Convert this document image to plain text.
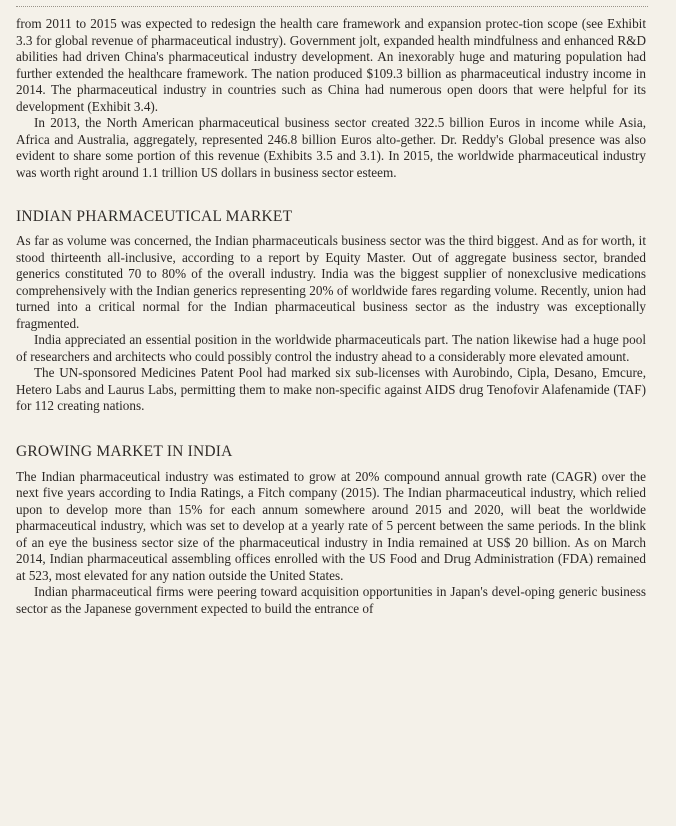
from 2011 to 2015 was expected to redesign the health care framework and expansion protec-tion scope (see Exhibit 3.3 for global revenue of pharmaceutical industry). Government jolt, expanded health mindfulness and enhanced R&D abilities had driven China's pharmaceutical industry development. An inexorably huge and maturing population had further extended the healthcare framework. The nation produced $109.3 billion as pharmaceutical industry income in 2014. The pharmaceutical industry in countries such as China had numerous open doors that were helpful for its development (Exhibit 3.4).

In 2013, the North American pharmaceutical business sector created 322.5 billion Euros in income while Asia, Africa and Australia, aggregately, represented 246.8 billion Euros alto-gether. Dr. Reddy's Global presence was also evident to share some portion of this revenue (Exhibits 3.5 and 3.1). In 2015, the worldwide pharmaceutical industry was worth right around 1.1 trillion US dollars in business sector esteem.

INDIAN PHARMACEUTICAL MARKET

As far as volume was concerned, the Indian pharmaceuticals business sector was the third biggest. And as for worth, it stood thirteenth all-inclusive, according to a report by Equity Master. Out of aggregate business sector, branded generics constituted 70 to 80% of the overall industry. India was the biggest supplier of nonexclusive medications comprehensively with the Indian generics representing 20% of worldwide fares regarding volume. Recently, union had turned into a critical normal for the Indian pharmaceutical business sector as the industry was exceptionally fragmented.

India appreciated an essential position in the worldwide pharmaceuticals part. The nation likewise had a huge pool of researchers and architects who could possibly control the industry ahead to a considerably more elevated amount.

The UN-sponsored Medicines Patent Pool had marked six sub-licenses with Aurobindo, Cipla, Desano, Emcure, Hetero Labs and Laurus Labs, permitting them to make non-specific against AIDS drug Tenofovir Alafenamide (TAF) for 112 creating nations.

GROWING MARKET IN INDIA

The Indian pharmaceutical industry was estimated to grow at 20% compound annual growth rate (CAGR) over the next five years according to India Ratings, a Fitch company (2015). The Indian pharmaceutical industry, which relied upon to develop more than 15% for each annum somewhere around 2015 and 2020, will beat the worldwide pharmaceutical industry, which was set to develop at a yearly rate of 5 percent between the same periods. In the blink of an eye the business sector size of the pharmaceutical industry in India remained at US$ 20 billion. As on March 2014, Indian pharmaceutical assembling offices enrolled with the US Food and Drug Administration (FDA) remained at 523, most elevated for any nation outside the United States.

Indian pharmaceutical firms were peering toward acquisition opportunities in Japan's devel-oping generic business sector as the Japanese government expected to build the entrance of
